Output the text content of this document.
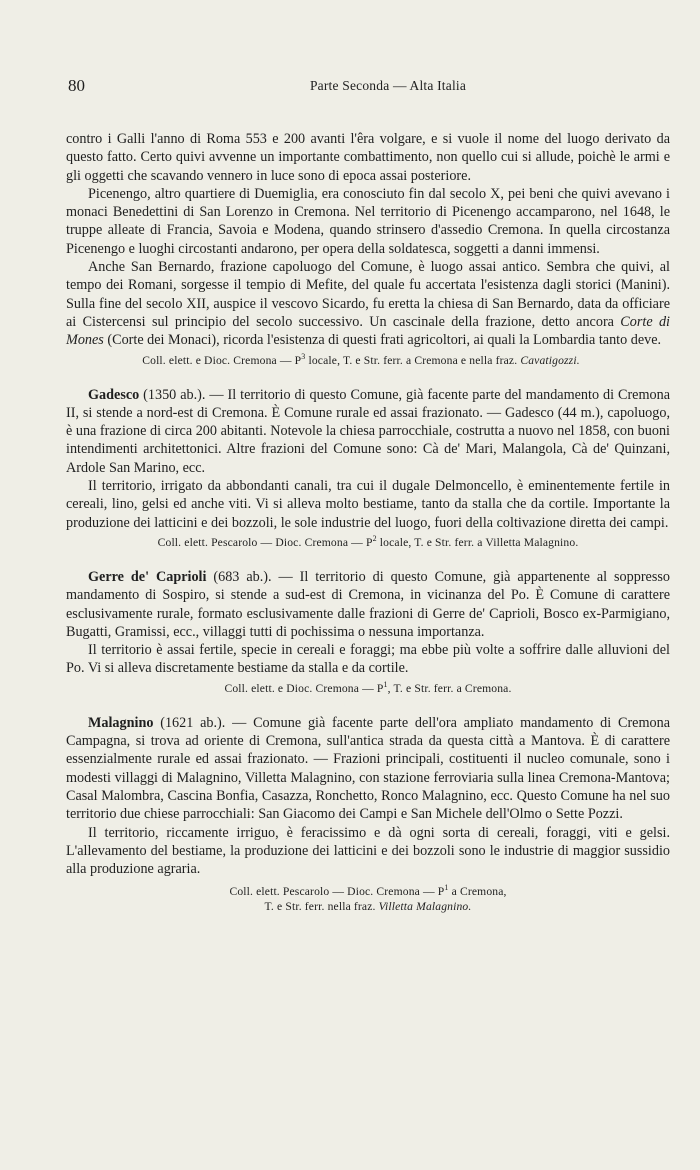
80	Parte Seconda — Alta Italia

contro i Galli l'anno di Roma 553 e 200 avanti l'êra volgare, e si vuole il nome del luogo derivato da questo fatto. Certo quivi avvenne un importante combattimento, non quello cui si allude, poichè le armi e gli oggetti che scavando vennero in luce sono di epoca assai posteriore.

Picenengo, altro quartiere di Duemiglia, era conosciuto fin dal secolo X, pei beni che quivi avevano i monaci Benedettini di San Lorenzo in Cremona. Nel territorio di Picenengo accamparono, nel 1648, le truppe alleate di Francia, Savoia e Modena, quando strinsero d'assedio Cremona. In quella circostanza Picenengo e luoghi circostanti andarono, per opera della soldatesca, soggetti a danni immensi.

Anche San Bernardo, frazione capoluogo del Comune, è luogo assai antico. Sembra che quivi, al tempo dei Romani, sorgesse il tempio di Mefite, del quale fu accertata l'esistenza dagli storici (Manini). Sulla fine del secolo XII, auspice il vescovo Sicardo, fu eretta la chiesa di San Bernardo, data da officiare ai Cistercensi sul principio del secolo successivo. Un cascinale della frazione, detto ancora Corte di Mones (Corte dei Monaci), ricorda l'esistenza di questi frati agricoltori, ai quali la Lombardia tanto deve.

Coll. elett. e Dioc. Cremona — $P^3$ locale, T. e Str. ferr. a Cremona e nella fraz. Cavatigozzi.

Gadesco (1350 ab.). — Il territorio di questo Comune, già facente parte del mandamento di Cremona II, si stende a nord-est di Cremona. È Comune rurale ed assai frazionato. — Gadesco (44 m.), capoluogo, è una frazione di circa 200 abitanti. Notevole la chiesa parrocchiale, costrutta a nuovo nel 1858, con buoni intendimenti architettonici. Altre frazioni del Comune sono: Cà de' Mari, Malangola, Cà de' Quinzani, Ardole San Marino, ecc.

Il territorio, irrigato da abbondanti canali, tra cui il dugale Delmoncello, è eminentemente fertile in cereali, lino, gelsi ed anche viti. Vi si alleva molto bestiame, tanto da stalla che da cortile. Importante la produzione dei latticini e dei bozzoli, le sole industrie del luogo, fuori della coltivazione diretta dei campi.

Coll. elett. Pescarolo — Dioc. Cremona — $P^2$ locale, T. e Str. ferr. a Villetta Malagnino.

Gerre de' Caprioli (683 ab.). — Il territorio di questo Comune, già appartenente al soppresso mandamento di Sospiro, si stende a sud-est di Cremona, in vicinanza del Po. È Comune di carattere esclusivamente rurale, formato esclusivamente dalle frazioni di Gerre de' Caprioli, Bosco ex-Parmigiano, Bugatti, Gramissi, ecc., villaggi tutti di pochissima o nessuna importanza.

Il territorio è assai fertile, specie in cereali e foraggi; ma ebbe più volte a soffrire dalle alluvioni del Po. Vi si alleva discretamente bestiame da stalla e da cortile.

Coll. elett. e Dioc. Cremona — $P^1$, T. e Str. ferr. a Cremona.

Malagnino (1621 ab.). — Comune già facente parte dell'ora ampliato mandamento di Cremona Campagna, si trova ad oriente di Cremona, sull'antica strada da questa città a Mantova. È di carattere essenzialmente rurale ed assai frazionato. — Frazioni principali, costituenti il nucleo comunale, sono i modesti villaggi di Malagnino, Villetta Malagnino, con stazione ferroviaria sulla linea Cremona-Mantova; Casal Malombra, Cascina Bonfia, Casazza, Ronchetto, Ronco Malagnino, ecc. Questo Comune ha nel suo territorio due chiese parrocchiali: San Giacomo dei Campi e San Michele dell'Olmo o Sette Pozzi.

Il territorio, riccamente irriguo, è feracissimo e dà ogni sorta di cereali, foraggi, viti e gelsi. L'allevamento del bestiame, la produzione dei latticini e dei bozzoli sono le industrie di maggior sussidio alla produzione agraria.

Coll. elett. Pescarolo — Dioc. Cremona — $P^1$ a Cremona,

T. e Str. ferr. nella fraz. Villetta Malagnino.
